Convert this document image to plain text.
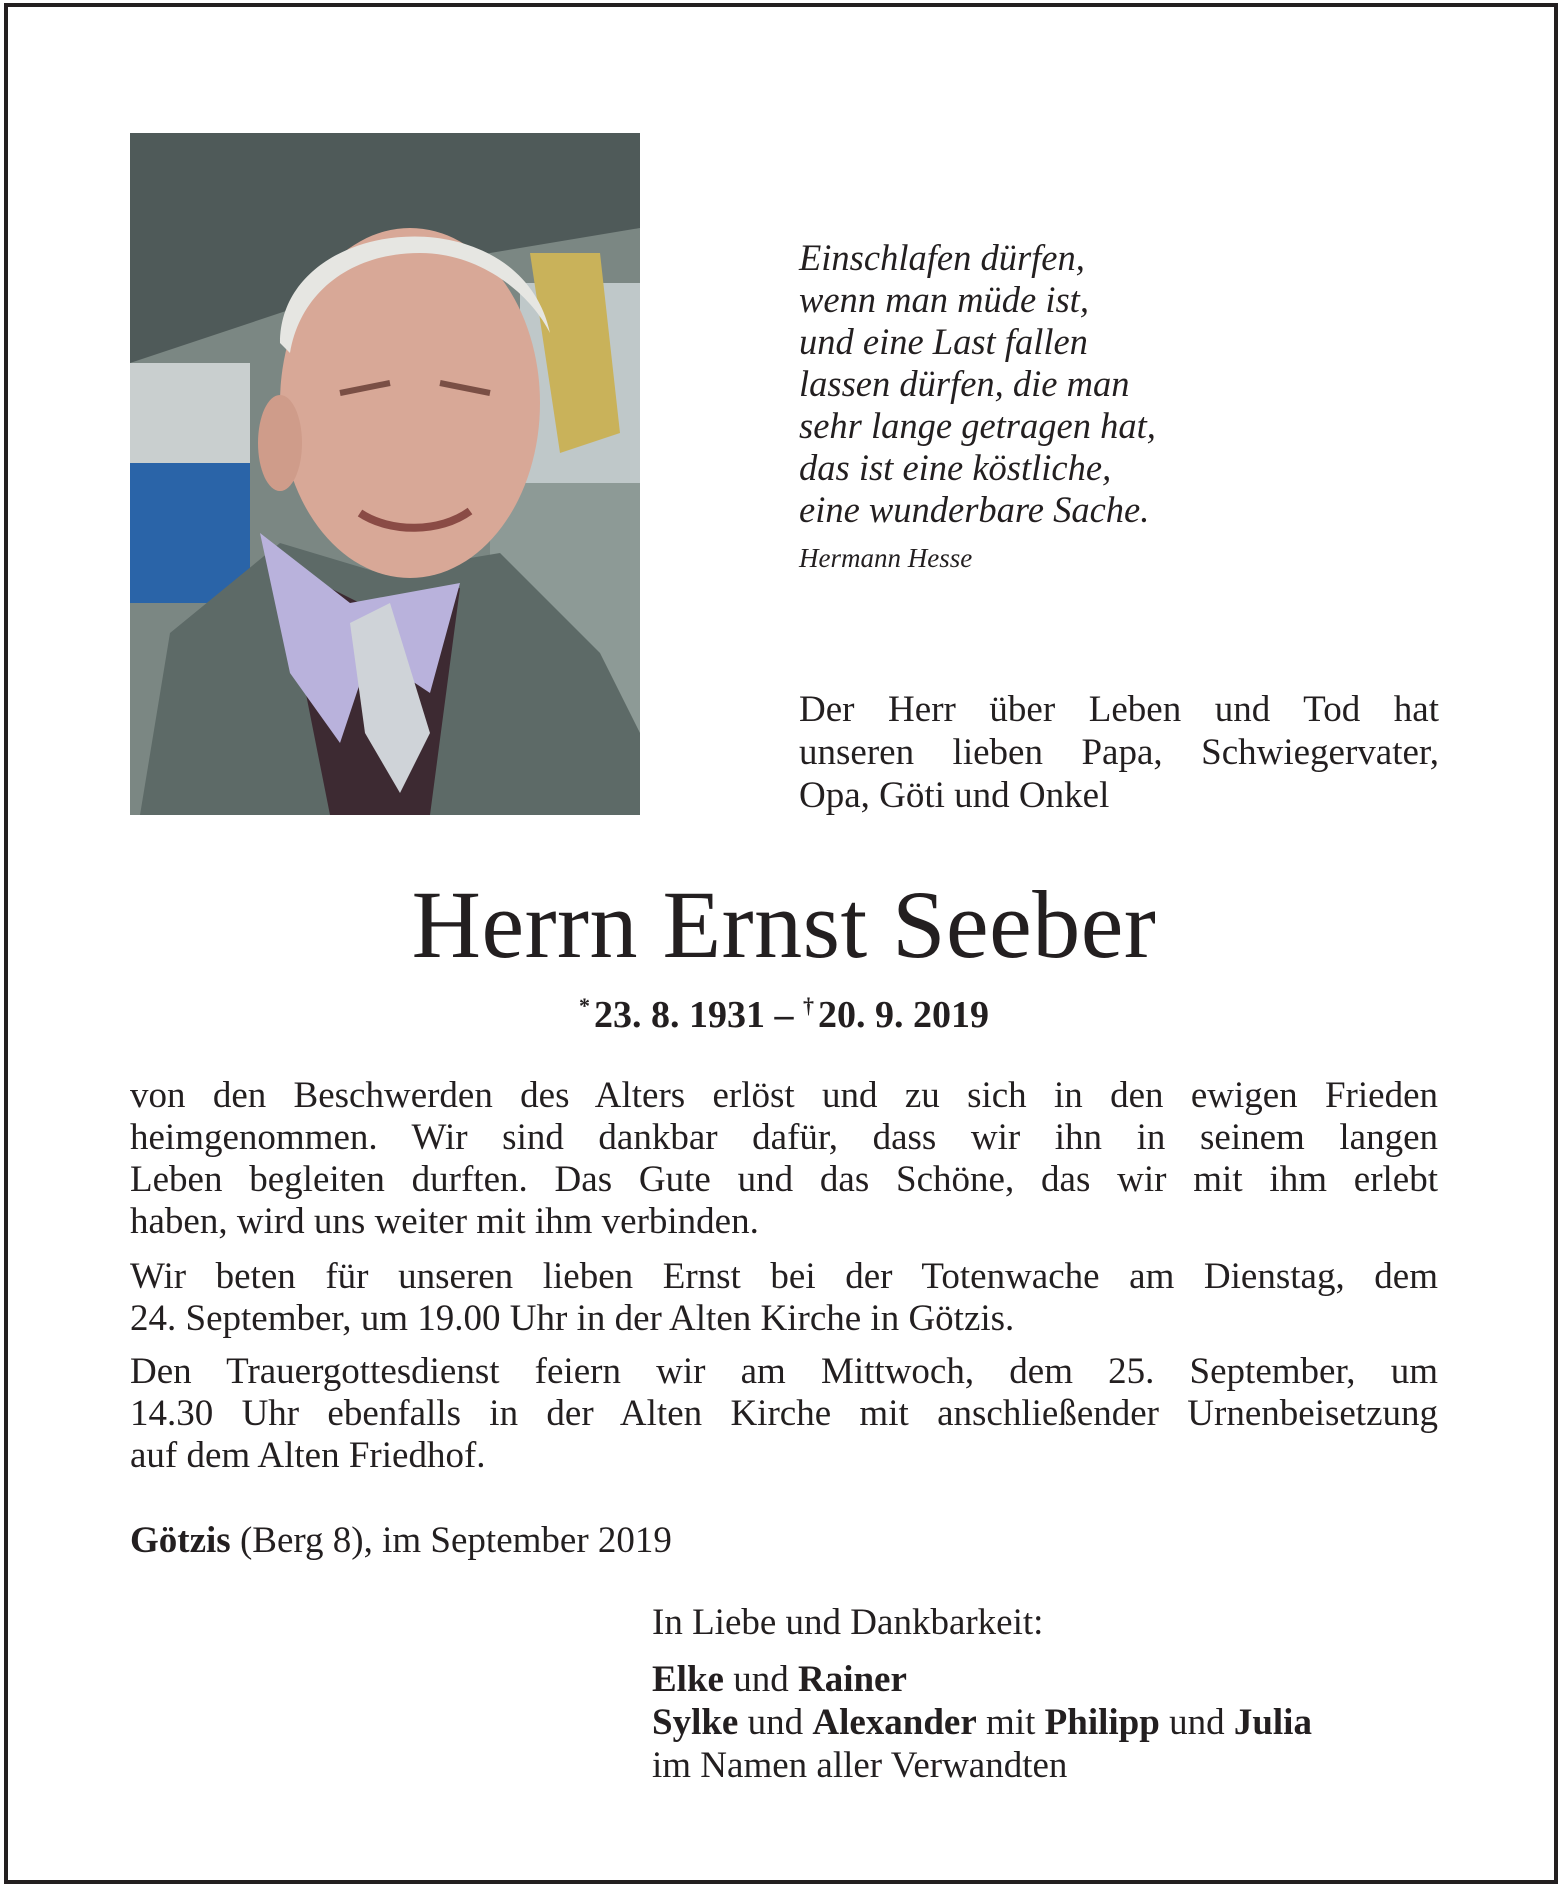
Einschlafen dürfen,
wenn man müde ist,
und eine Last fallen
lassen dürfen, die man
sehr lange getragen hat,
das ist eine köstliche,
eine wunderbare Sache.
Hermann Hesse
Der Herr über Leben und Tod hat
unseren lieben Papa, Schwiegervater,
Opa, Göti und Onkel
Herrn Ernst Seeber
* 23. 8. 1931 – † 20. 9. 2019
von den Beschwerden des Alters erlöst und zu sich in den ewigen Frieden
heimgenommen. Wir sind dankbar dafür, dass wir ihn in seinem langen
Leben begleiten durften. Das Gute und das Schöne, das wir mit ihm erlebt
haben, wird uns weiter mit ihm verbinden.
Wir beten für unseren lieben Ernst bei der Totenwache am Dienstag, dem
24. September, um 19.00 Uhr in der Alten Kirche in Götzis.
Den Trauergottesdienst feiern wir am Mittwoch, dem 25. September, um
14.30 Uhr ebenfalls in der Alten Kirche mit anschließender Urnenbeisetzung
auf dem Alten Friedhof.
Götzis (Berg 8), im September 2019
In Liebe und Dankbarkeit:
Elke und Rainer
Sylke und Alexander mit Philipp und Julia
im Namen aller Verwandten
